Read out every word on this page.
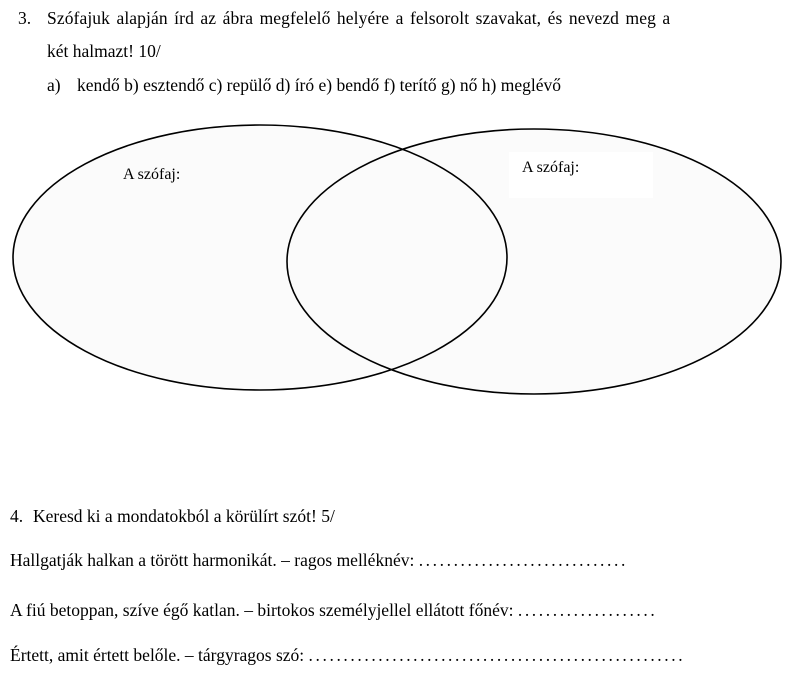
3. Szófajuk alapján írd az ábra megfelelő helyére a felsorolt szavakat, és nevezd meg a
két halmazt! 10/
a) kendő b) esztendő c) repülő d) író e) bendő f) terítő g) nő h) meglévő
A szófaj:	A szófaj:
4. Keresd ki a mondatokból a körülírt szót! 5/
Hallgatják halkan a törött harmonikát. – ragos melléknév: ..............................
A fiú betoppan, szíve égő katlan. – birtokos személyjellel ellátott főnév: ....................
Értett, amit értett belőle. – tárgyragos szó: ......................................................
